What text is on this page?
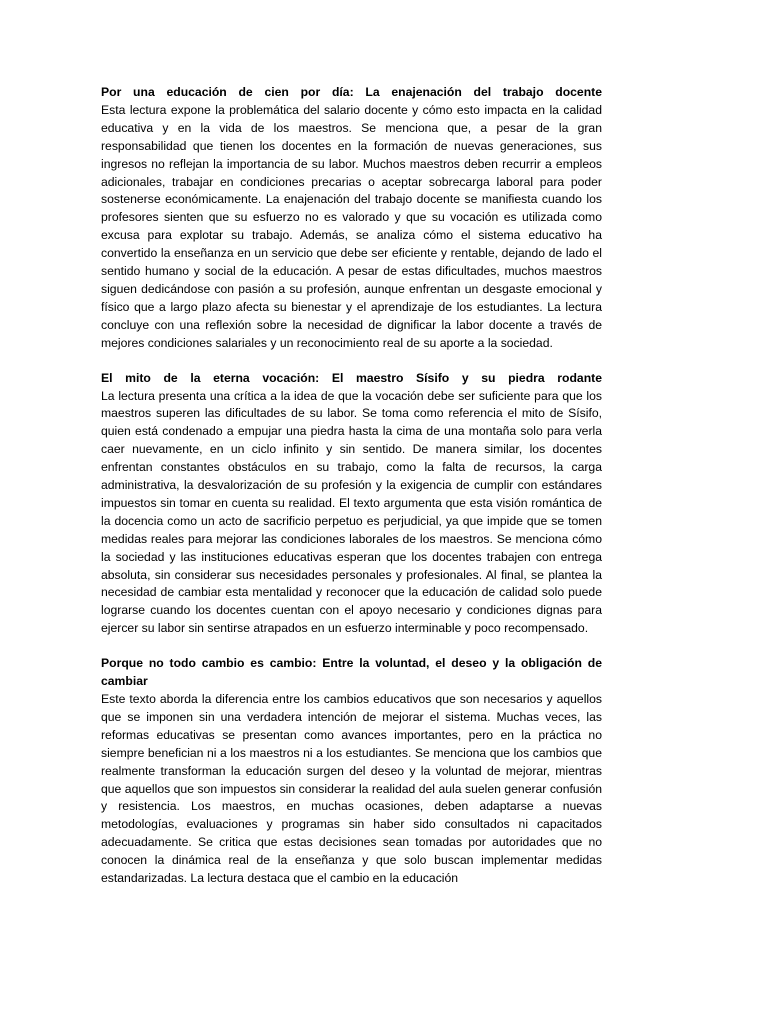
Por una educación de cien por día: La enajenación del trabajo docente

Esta lectura expone la problemática del salario docente y cómo esto impacta en la calidad educativa y en la vida de los maestros. Se menciona que, a pesar de la gran responsabilidad que tienen los docentes en la formación de nuevas generaciones, sus ingresos no reflejan la importancia de su labor. Muchos maestros deben recurrir a empleos adicionales, trabajar en condiciones precarias o aceptar sobrecarga laboral para poder sostenerse económicamente. La enajenación del trabajo docente se manifiesta cuando los profesores sienten que su esfuerzo no es valorado y que su vocación es utilizada como excusa para explotar su trabajo. Además, se analiza cómo el sistema educativo ha convertido la enseñanza en un servicio que debe ser eficiente y rentable, dejando de lado el sentido humano y social de la educación. A pesar de estas dificultades, muchos maestros siguen dedicándose con pasión a su profesión, aunque enfrentan un desgaste emocional y físico que a largo plazo afecta su bienestar y el aprendizaje de los estudiantes. La lectura concluye con una reflexión sobre la necesidad de dignificar la labor docente a través de mejores condiciones salariales y un reconocimiento real de su aporte a la sociedad.

El mito de la eterna vocación: El maestro Sísifo y su piedra rodante

La lectura presenta una crítica a la idea de que la vocación debe ser suficiente para que los maestros superen las dificultades de su labor. Se toma como referencia el mito de Sísifo, quien está condenado a empujar una piedra hasta la cima de una montaña solo para verla caer nuevamente, en un ciclo infinito y sin sentido. De manera similar, los docentes enfrentan constantes obstáculos en su trabajo, como la falta de recursos, la carga administrativa, la desvalorización de su profesión y la exigencia de cumplir con estándares impuestos sin tomar en cuenta su realidad. El texto argumenta que esta visión romántica de la docencia como un acto de sacrificio perpetuo es perjudicial, ya que impide que se tomen medidas reales para mejorar las condiciones laborales de los maestros. Se menciona cómo la sociedad y las instituciones educativas esperan que los docentes trabajen con entrega absoluta, sin considerar sus necesidades personales y profesionales. Al final, se plantea la necesidad de cambiar esta mentalidad y reconocer que la educación de calidad solo puede lograrse cuando los docentes cuentan con el apoyo necesario y condiciones dignas para ejercer su labor sin sentirse atrapados en un esfuerzo interminable y poco recompensado.

Porque no todo cambio es cambio: Entre la voluntad, el deseo y la obligación de cambiar

Este texto aborda la diferencia entre los cambios educativos que son necesarios y aquellos que se imponen sin una verdadera intención de mejorar el sistema. Muchas veces, las reformas educativas se presentan como avances importantes, pero en la práctica no siempre benefician ni a los maestros ni a los estudiantes. Se menciona que los cambios que realmente transforman la educación surgen del deseo y la voluntad de mejorar, mientras que aquellos que son impuestos sin considerar la realidad del aula suelen generar confusión y resistencia. Los maestros, en muchas ocasiones, deben adaptarse a nuevas metodologías, evaluaciones y programas sin haber sido consultados ni capacitados adecuadamente. Se critica que estas decisiones sean tomadas por autoridades que no conocen la dinámica real de la enseñanza y que solo buscan implementar medidas estandarizadas. La lectura destaca que el cambio en la educación
